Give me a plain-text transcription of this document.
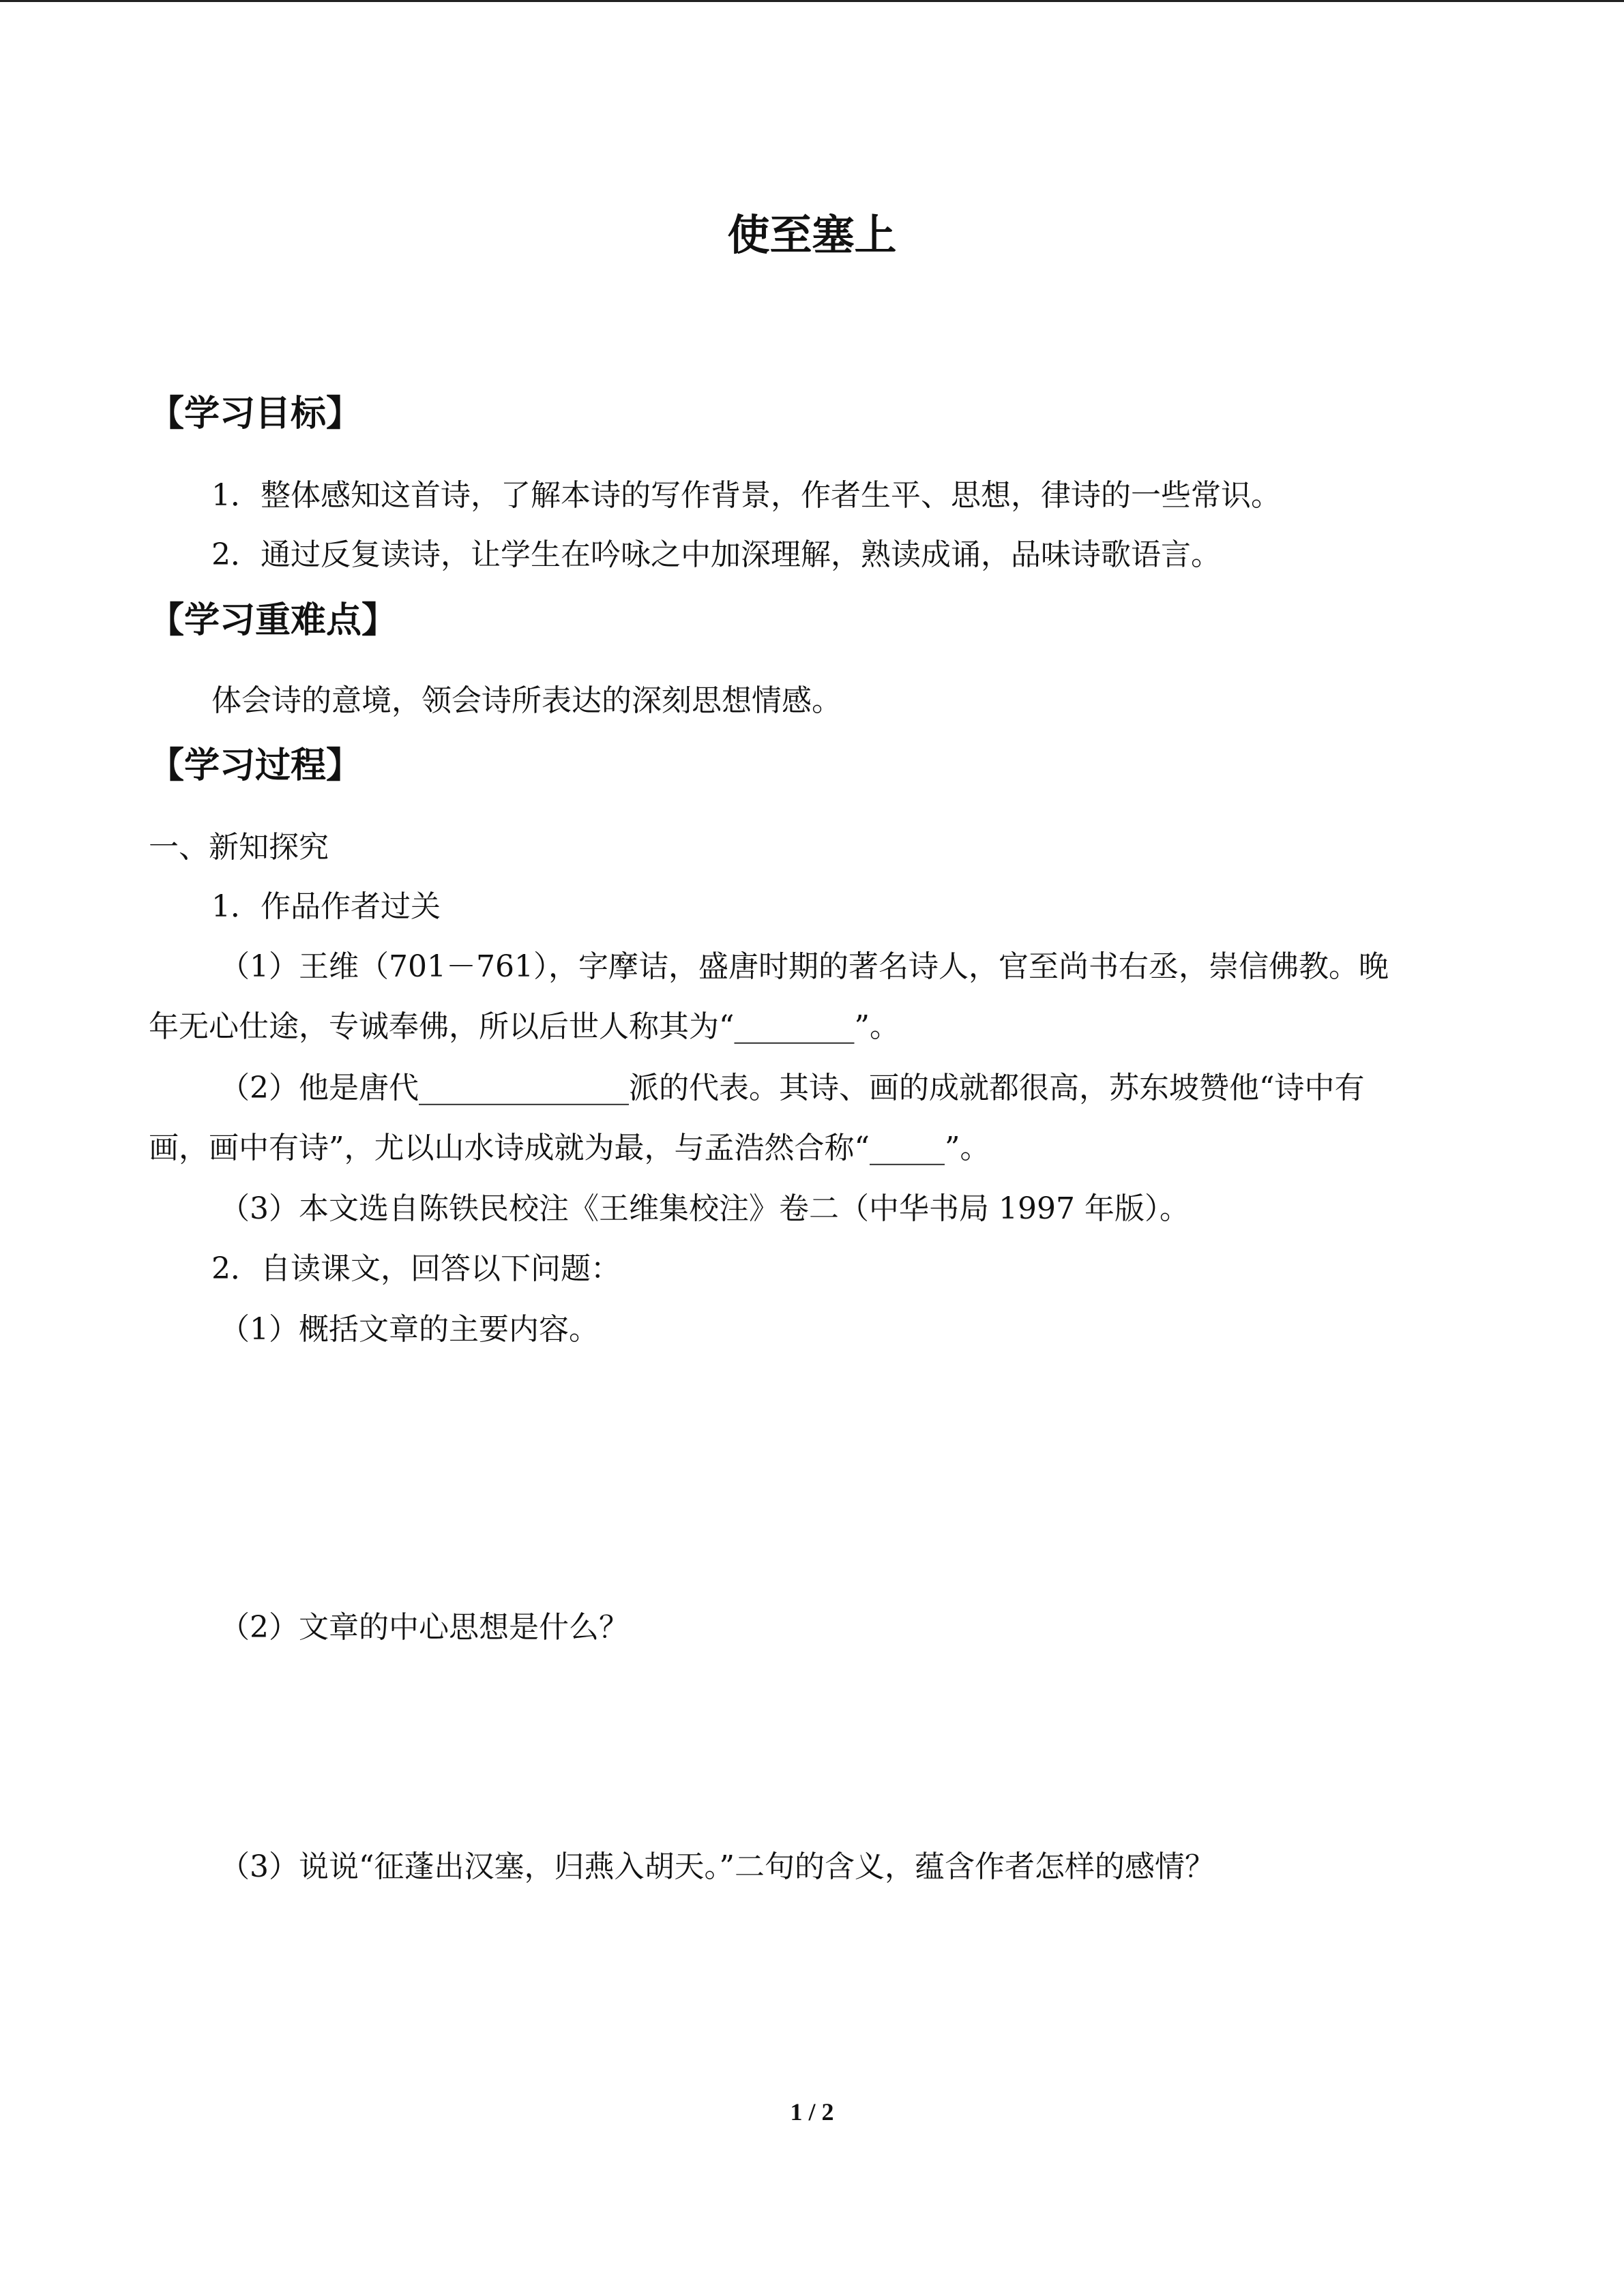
使至塞上
【学习目标】
1．整体感知这首诗，了解本诗的写作背景，作者生平、思想，律诗的一些常识。
2．通过反复读诗，让学生在吟咏之中加深理解，熟读成诵，品味诗歌语言。
【学习重难点】
体会诗的意境，领会诗所表达的深刻思想情感。
【学习过程】
一、新知探究
1．作品作者过关
（1）王维（701－761），字摩诘，盛唐时期的著名诗人，官至尚书右丞，崇信佛教。晚
年无心仕途，专诚奉佛，所以后世人称其为“________”。
（2）他是唐代______________派的代表。其诗、画的成就都很高，苏东坡赞他“诗中有
画，画中有诗”，尤以山水诗成就为最，与孟浩然合称“_____”。
（3）本文选自陈铁民校注《王维集校注》卷二（中华书局 1997 年版）。
2．自读课文，回答以下问题：
（1）概括文章的主要内容。
（2）文章的中心思想是什么？
（3）说说“征蓬出汉塞，归燕入胡天。”二句的含义，蕴含作者怎样的感情？
1 / 2
